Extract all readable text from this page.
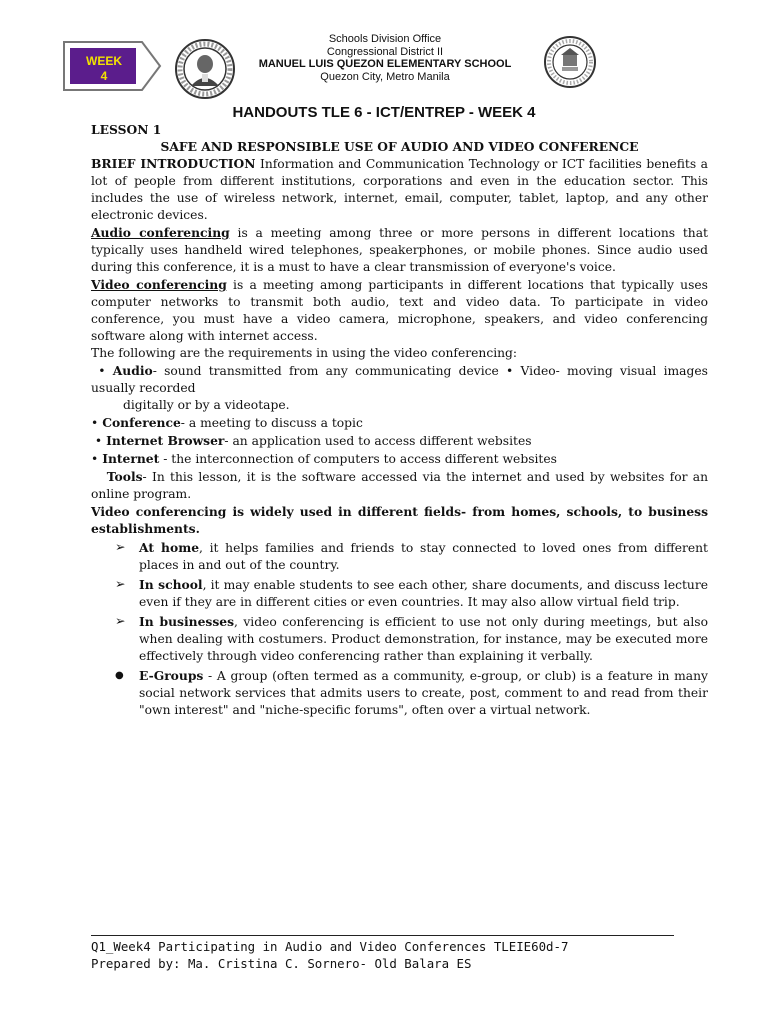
WEEK
4
Schools Division Office
Congressional District II
MANUEL LUIS QUEZON ELEMENTARY SCHOOL
Quezon City, Metro Manila
HANDOUTS TLE 6 - ICT/ENTREP - WEEK 4

LESSON 1

SAFE AND RESPONSIBLE USE OF AUDIO AND VIDEO CONFERENCE

BRIEF INTRODUCTION Information and Communication Technology or ICT facilities benefits a lot of people from different institutions, corporations and even in the education sector. This includes the use of wireless network, internet, email, computer, tablet, laptop, and any other electronic devices.

Audio conferencing is a meeting among three or more persons in different locations that typically uses handheld wired telephones, speakerphones, or mobile phones. Since audio used during this conference, it is a must to have a clear transmission of everyone's voice.

Video conferencing is a meeting among participants in different locations that typically uses computer networks to transmit both audio, text and video data. To participate in video conference, you must have a video camera, microphone, speakers, and video conferencing software along with internet access.

The following are the requirements in using the video conferencing:

• Audio- sound transmitted from any communicating device • Video- moving visual images usually recorded

digitally or by a videotape.

• Conference- a meeting to discuss a topic

• Internet Browser- an application used to access different websites

• Internet - the interconnection of computers to access different websites

Tools- In this lesson, it is the software accessed via the internet and used by websites for an online program.

Video conferencing is widely used in different fields- from homes, schools, to business establishments.

➢ At home, it helps families and friends to stay connected to loved ones from different places in and out of the country.
➢ In school, it may enable students to see each other, share documents, and discuss lecture even if they are in different cities or even countries. It may also allow virtual field trip.
➢ In businesses, video conferencing is efficient to use not only during meetings, but also when dealing with costumers. Product demonstration, for instance, may be executed more effectively through video conferencing rather than explaining it verbally.
● E-Groups - A group (often termed as a community, e-group, or club) is a feature in many social network services that admits users to create, post, comment to and read from their "own interest" and "niche-specific forums", often over a virtual network.
Q1_Week4 Participating in Audio and Video Conferences TLEIE60d-7
Prepared by: Ma. Cristina C. Sornero- Old Balara ES
